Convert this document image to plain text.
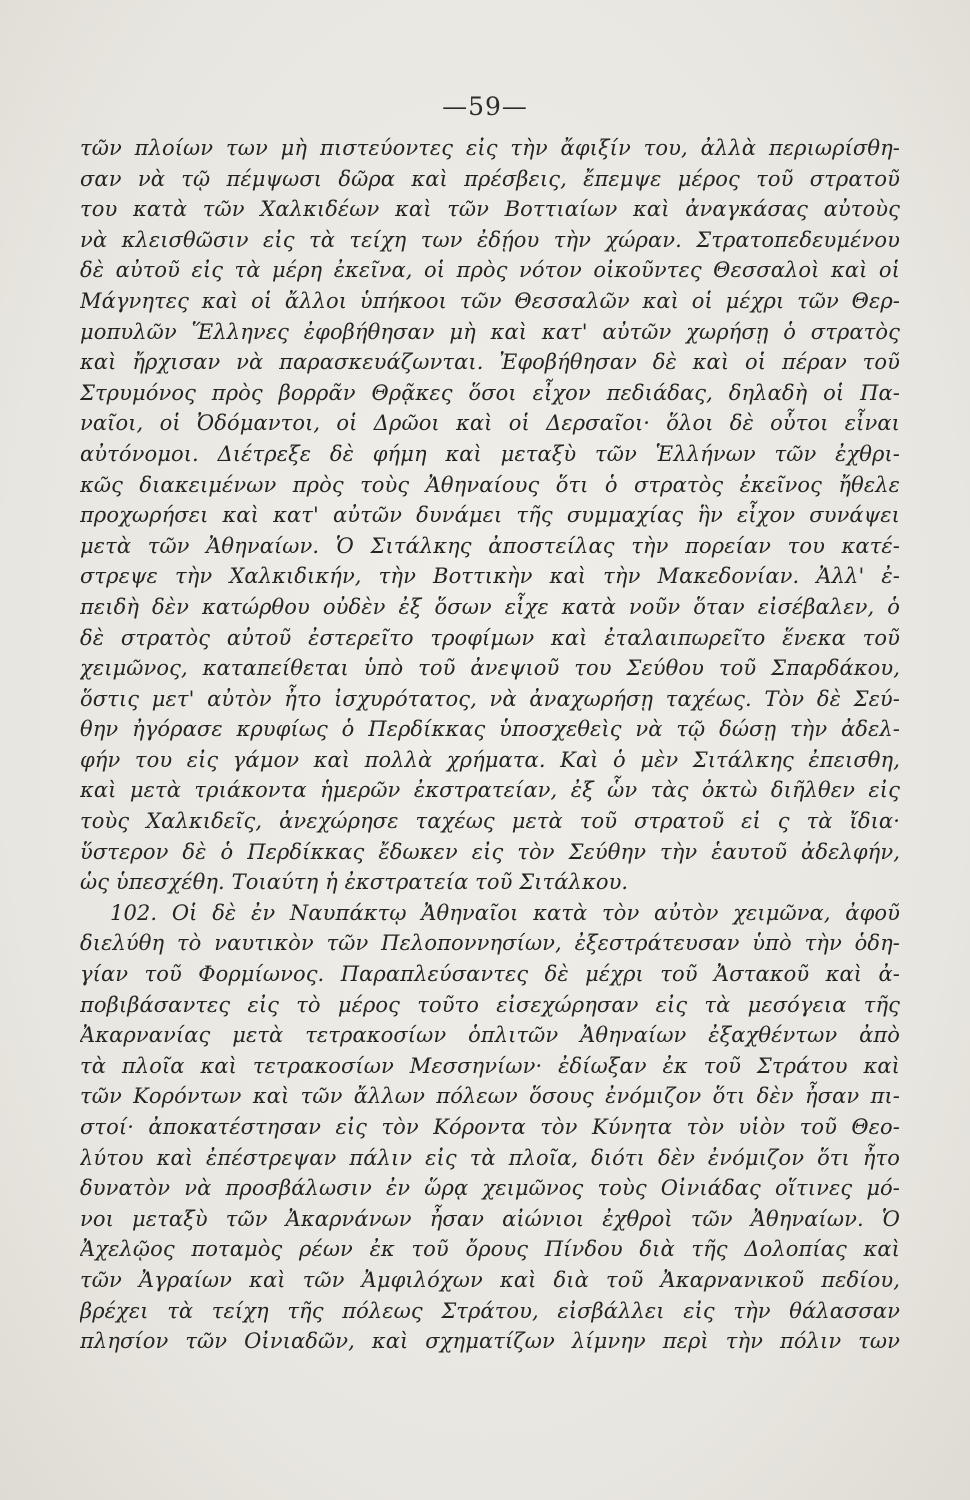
—59—
τῶν πλοίων των μὴ πιστεύοντες εἰς τὴν ἄφιξίν του, ἀλλὰ περιωρίσθη-
σαν νὰ τῷ πέμψωσι δῶρα καὶ πρέσβεις, ἔπεμψε μέρος τοῦ στρατοῦ
του κατὰ τῶν Χαλκιδέων καὶ τῶν Βοττιαίων καὶ ἀναγκάσας αὐτοὺς
νὰ κλεισθῶσιν εἰς τὰ τείχη των ἐδῄου τὴν χώραν. Στρατοπεδευμένου
δὲ αὐτοῦ εἰς τὰ μέρη ἐκεῖνα, οἱ πρὸς νότον οἰκοῦντες Θεσσαλοὶ καὶ οἱ
Μάγνητες καὶ οἱ ἄλλοι ὑπήκοοι τῶν Θεσσαλῶν καὶ οἱ μέχρι τῶν Θερ-
μοπυλῶν Ἕλληνες ἐφοβήθησαν μὴ καὶ κατ' αὐτῶν χωρήσῃ ὁ στρατὸς
καὶ ἤρχισαν νὰ παρασκευάζωνται. Ἐφοβήθησαν δὲ καὶ οἱ πέραν τοῦ
Στρυμόνος πρὸς βορρᾶν Θρᾷκες ὅσοι εἶχον πεδιάδας, δηλαδὴ οἱ Πα-
ναῖοι, οἱ Ὀδόμαντοι, οἱ Δρῶοι καὶ οἱ Δερσαῖοι· ὅλοι δὲ οὗτοι εἶναι
αὐτόνομοι. Διέτρεξε δὲ φήμη καὶ μεταξὺ τῶν Ἑλλήνων τῶν ἐχθρι-
κῶς διακειμένων πρὸς τοὺς Ἀθηναίους ὅτι ὁ στρατὸς ἐκεῖνος ἤθελε
προχωρήσει καὶ κατ' αὐτῶν δυνάμει τῆς συμμαχίας ἣν εἶχον συνάψει
μετὰ τῶν Ἀθηναίων. Ὁ Σιτάλκης ἀποστείλας τὴν πορείαν του κατέ-
στρεψε τὴν Χαλκιδικήν, τὴν Βοττικὴν καὶ τὴν Μακεδονίαν. Ἀλλ' ἐ-
πειδὴ δὲν κατώρθου οὐδὲν ἐξ ὅσων εἶχε κατὰ νοῦν ὅταν εἰσέβαλεν, ὁ
δὲ στρατὸς αὐτοῦ ἐστερεῖτο τροφίμων καὶ ἐταλαιπωρεῖτο ἕνεκα τοῦ
χειμῶνος, καταπείθεται ὑπὸ τοῦ ἀνεψιοῦ του Σεύθου τοῦ Σπαρδάκου,
ὅστις μετ' αὐτὸν ἦτο ἰσχυρότατος, νὰ ἀναχωρήσῃ ταχέως. Τὸν δὲ Σεύ-
θην ἠγόρασε κρυφίως ὁ Περδίκκας ὑποσχεθεὶς νὰ τῷ δώσῃ τὴν ἀδελ-
φήν του εἰς γάμον καὶ πολλὰ χρήματα. Καὶ ὁ μὲν Σιτάλκης ἐπεισθη,
καὶ μετὰ τριάκοντα ἡμερῶν ἐκστρατείαν, ἐξ ὧν τὰς ὀκτὼ διῆλθεν εἰς
τοὺς Χαλκιδεῖς, ἀνεχώρησε ταχέως μετὰ τοῦ στρατοῦ εἰ ς τὰ ἴδια·
ὕστερον δὲ ὁ Περδίκκας ἔδωκεν εἰς τὸν Σεύθην τὴν ἑαυτοῦ ἀδελφήν,
ὡς ὑπεσχέθη. Τοιαύτη ἡ ἐκστρατεία τοῦ Σιτάλκου.
102. Οἱ δὲ ἐν Ναυπάκτῳ Ἀθηναῖοι κατὰ τὸν αὐτὸν χειμῶνα, ἀφοῦ
διελύθη τὸ ναυτικὸν τῶν Πελοποννησίων, ἐξεστράτευσαν ὑπὸ τὴν ὁδη-
γίαν τοῦ Φορμίωνος. Παραπλεύσαντες δὲ μέχρι τοῦ Ἀστακοῦ καὶ ἀ-
ποβιβάσαντες εἰς τὸ μέρος τοῦτο εἰσεχώρησαν εἰς τὰ μεσόγεια τῆς
Ἀκαρνανίας μετὰ τετρακοσίων ὁπλιτῶν Ἀθηναίων ἐξαχθέντων ἀπὸ
τὰ πλοῖα καὶ τετρακοσίων Μεσσηνίων· ἐδίωξαν ἐκ τοῦ Στράτου καὶ
τῶν Κορόντων καὶ τῶν ἄλλων πόλεων ὅσους ἐνόμιζον ὅτι δὲν ἦσαν πι-
στοί· ἀποκατέστησαν εἰς τὸν Κόροντα τὸν Κύνητα τὸν υἱὸν τοῦ Θεο-
λύτου καὶ ἐπέστρεψαν πάλιν εἰς τὰ πλοῖα, διότι δὲν ἐνόμιζον ὅτι ἦτο
δυνατὸν νὰ προσβάλωσιν ἐν ὥρᾳ χειμῶνος τοὺς Οἰνιάδας οἵτινες μό-
νοι μεταξὺ τῶν Ἀκαρνάνων ἦσαν αἰώνιοι ἐχθροὶ τῶν Ἀθηναίων. Ὁ
Ἀχελῷος ποταμὸς ρέων ἐκ τοῦ ὄρους Πίνδου διὰ τῆς Δολοπίας καὶ
τῶν Ἀγραίων καὶ τῶν Ἀμφιλόχων καὶ διὰ τοῦ Ἀκαρνανικοῦ πεδίου,
βρέχει τὰ τείχη τῆς πόλεως Στράτου, εἰσβάλλει εἰς τὴν θάλασσαν
πλησίον τῶν Οἰνιαδῶν, καὶ σχηματίζων λίμνην περὶ τὴν πόλιν των
